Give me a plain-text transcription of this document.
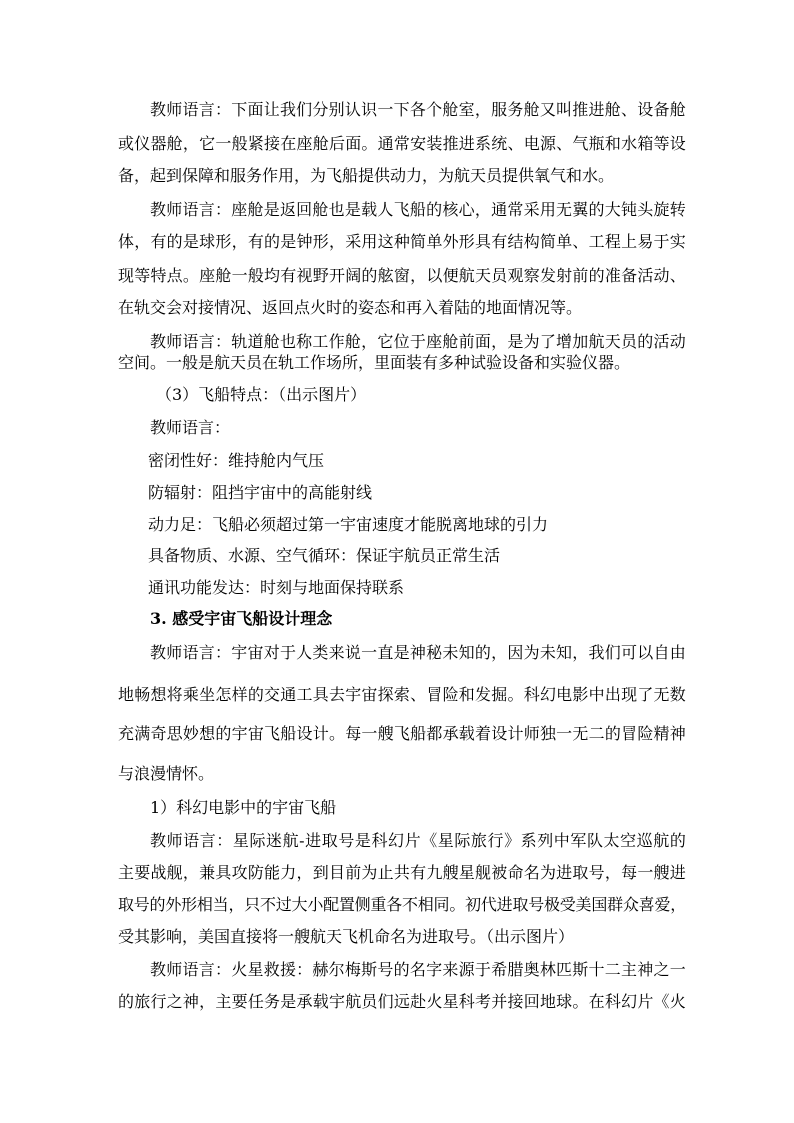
教师语言：下面让我们分别认识一下各个舱室，服务舱又叫推进舱、设备舱

或仪器舱，它一般紧接在座舱后面。通常安装推进系统、电源、气瓶和水箱等设

备，起到保障和服务作用，为飞船提供动力，为航天员提供氧气和水。

教师语言：座舱是返回舱也是载人飞船的核心，通常采用无翼的大钝头旋转

体，有的是球形，有的是钟形，采用这种简单外形具有结构简单、工程上易于实

现等特点。座舱一般均有视野开阔的舷窗，以便航天员观察发射前的准备活动、

在轨交会对接情况、返回点火时的姿态和再入着陆的地面情况等。

教师语言：轨道舱也称工作舱，它位于座舱前面，是为了增加航天员的活动

空间。一般是航天员在轨工作场所，里面装有多种试验设备和实验仪器。

（3）飞船特点：（出示图片）

教师语言：

密闭性好：维持舱内气压

防辐射：阻挡宇宙中的高能射线

动力足：飞船必须超过第一宇宙速度才能脱离地球的引力

具备物质、水源、空气循环：保证宇航员正常生活

通讯功能发达：时刻与地面保持联系

3. 感受宇宙飞船设计理念

教师语言：宇宙对于人类来说一直是神秘未知的，因为未知，我们可以自由

地畅想将乘坐怎样的交通工具去宇宙探索、冒险和发掘。科幻电影中出现了无数

充满奇思妙想的宇宙飞船设计。每一艘飞船都承载着设计师独一无二的冒险精神

与浪漫情怀。

1）科幻电影中的宇宙飞船

教师语言：星际迷航-进取号是科幻片《星际旅行》系列中军队太空巡航的

主要战舰，兼具攻防能力，到目前为止共有九艘星舰被命名为进取号，每一艘进

取号的外形相当，只不过大小配置侧重各不相同。初代进取号极受美国群众喜爱，

受其影响，美国直接将一艘航天飞机命名为进取号。（出示图片）

教师语言：火星救援：赫尔梅斯号的名字来源于希腊奥林匹斯十二主神之一

的旅行之神，主要任务是承载宇航员们远赴火星科考并接回地球。在科幻片《火
